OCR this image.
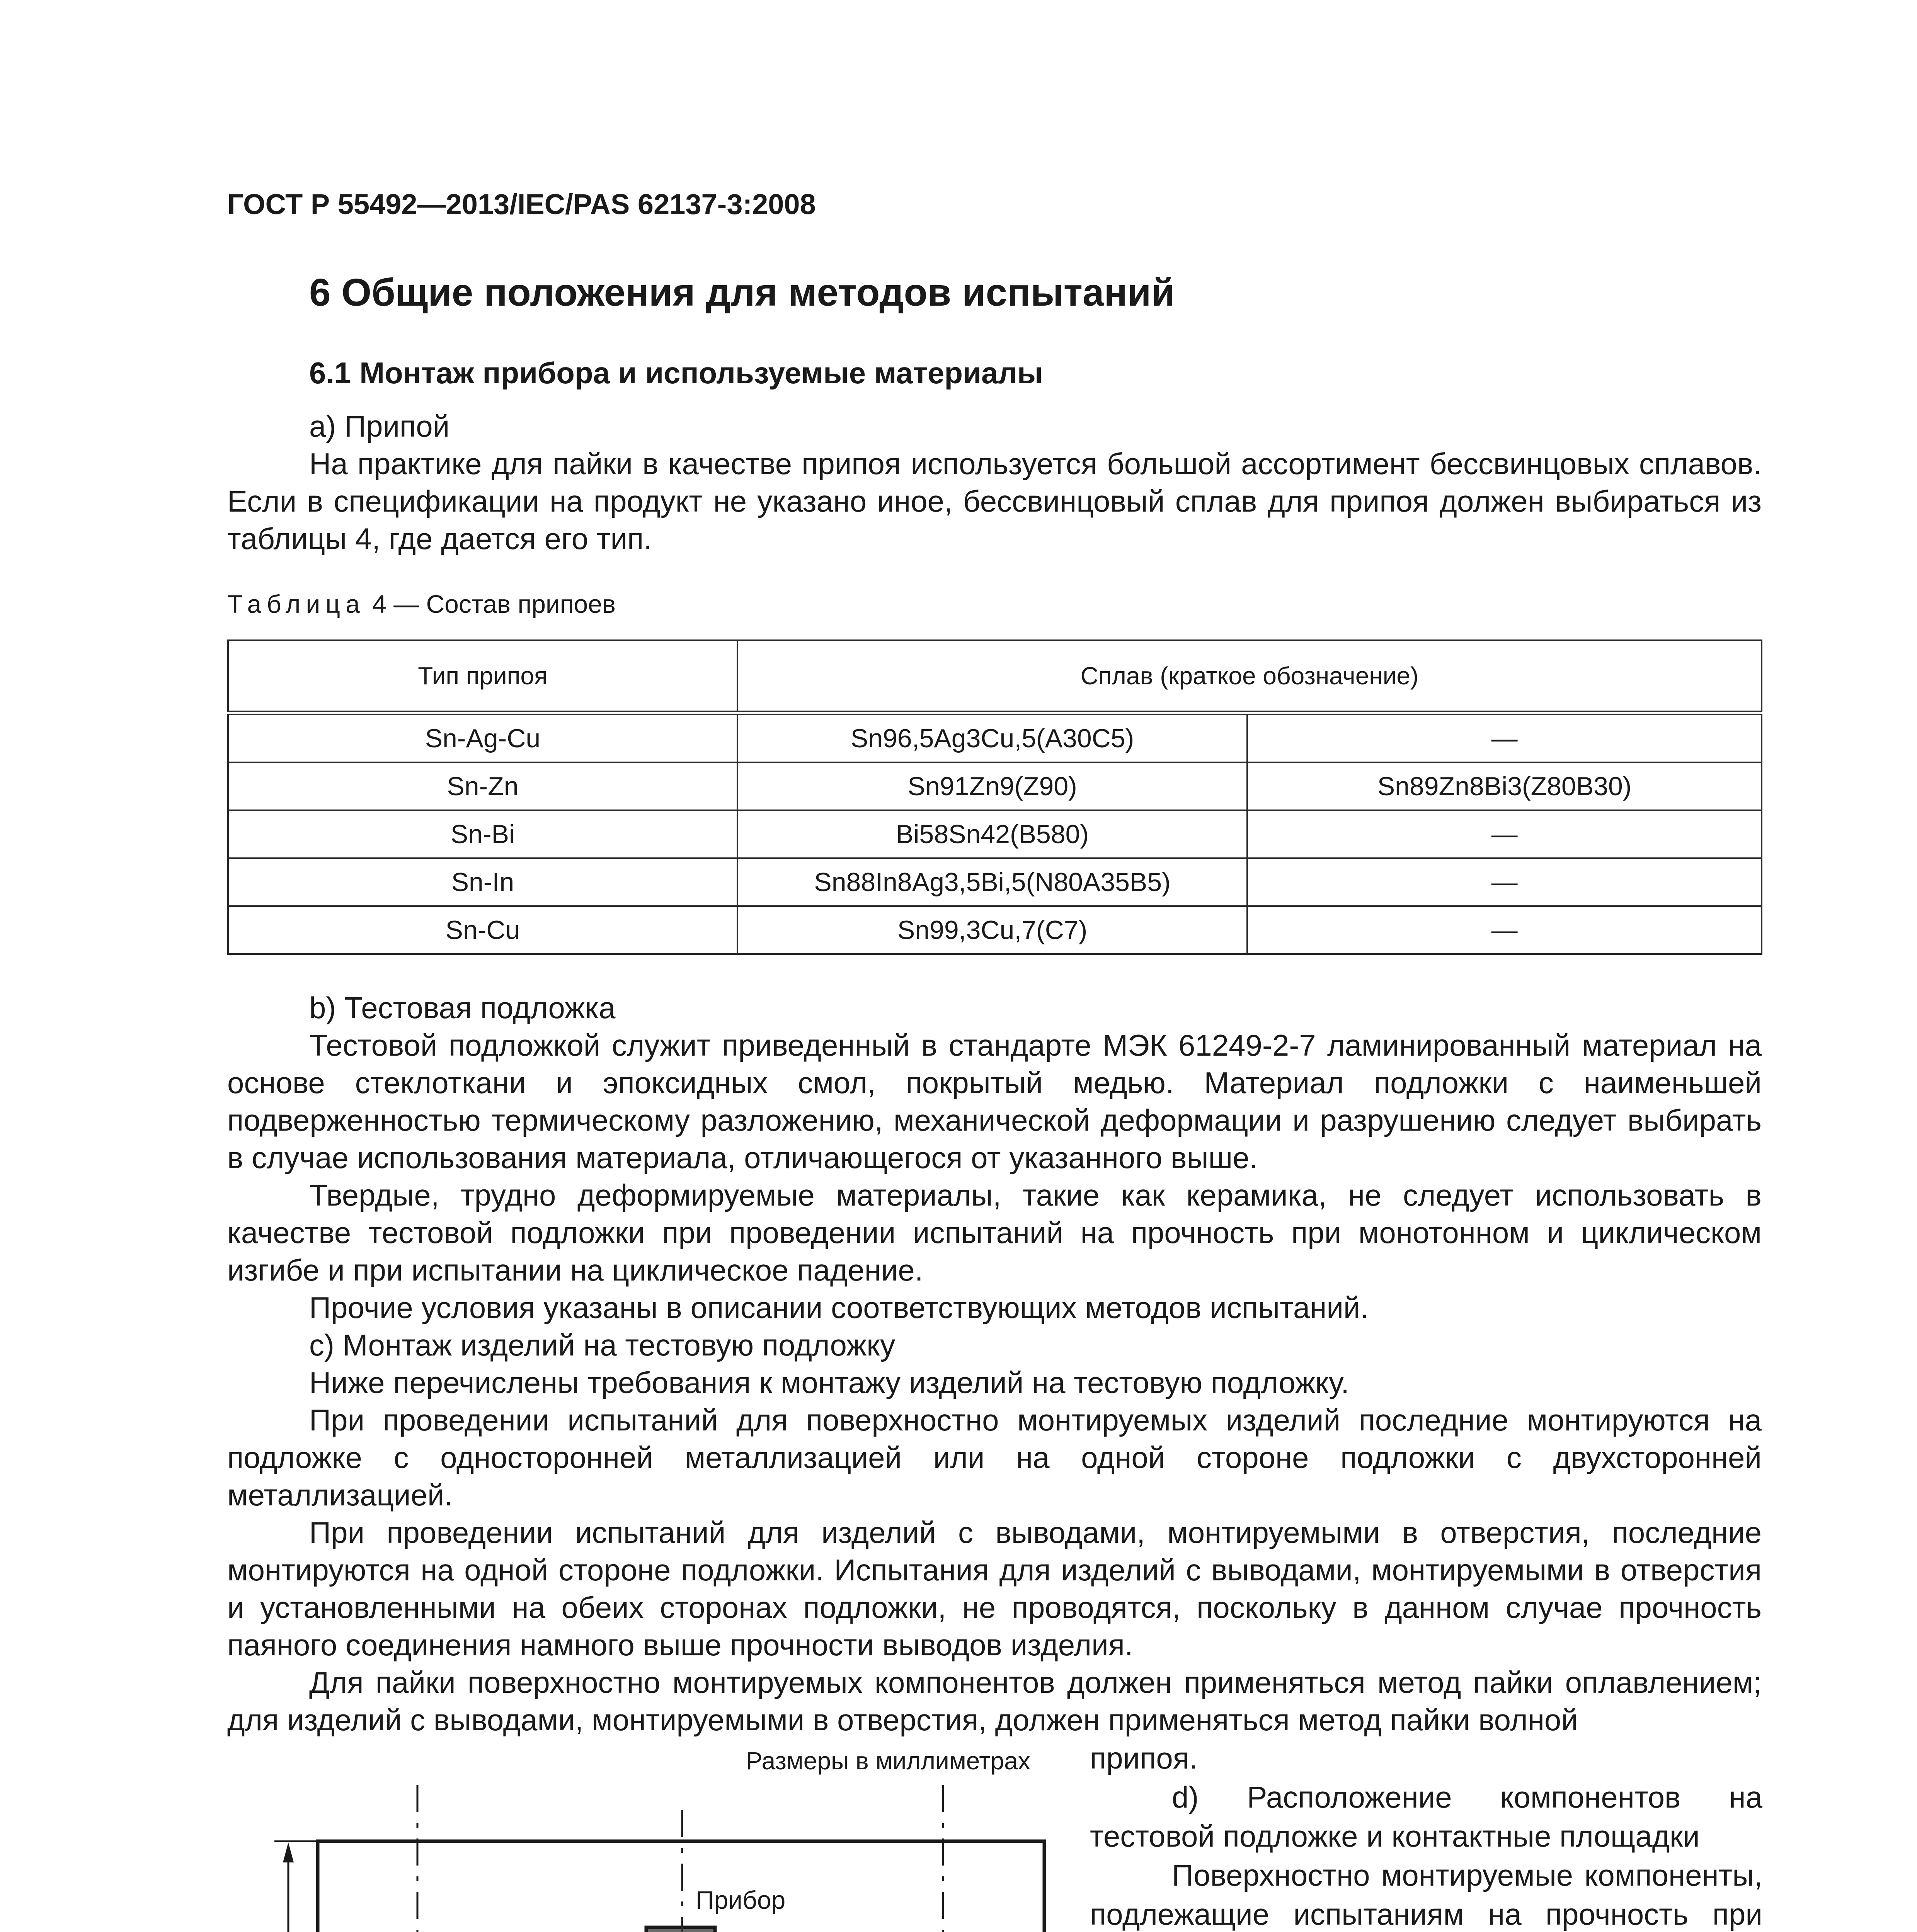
ГОСТ Р 55492—2013/IEC/PAS 62137-3:2008
6 Общие положения для методов испытаний
6.1 Монтаж прибора и используемые материалы

а) Припой

На практике для пайки в качестве припоя используется большой ассортимент бессвинцовых сплавов. Если в спецификации на продукт не указано иное, бессвинцовый сплав для припоя должен выбираться из таблицы 4, где дается его тип.

Таблица 4 — Состав припоев
Тип припоя	Сплав (краткое обозначение)	
Sn-Ag-Cu	Sn96,5Ag3Cu,5(A30C5)	—
Sn-Zn	Sn91Zn9(Z90)	Sn89Zn8Bi3(Z80B30)
Sn-Bi	Bi58Sn42(B580)	—
Sn-In	Sn88In8Ag3,5Bi,5(N80A35B5)	—
Sn-Cu	Sn99,3Cu,7(C7)	—

b) Тестовая подложка

Тестовой подложкой служит приведенный в стандарте МЭК 61249-2-7 ламинированный материал на основе стеклоткани и эпоксидных смол, покрытый медью. Материал подложки с наименьшей подверженностью термическому разложению, механической деформации и разрушению следует выбирать в случае использования материала, отличающегося от указанного выше.

Твердые, трудно деформируемые материалы, такие как керамика, не следует использовать в качестве тестовой подложки при проведении испытаний на прочность при монотонном и циклическом изгибе и при испытании на циклическое падение.

Прочие условия указаны в описании соответствующих методов испытаний.

c) Монтаж изделий на тестовую подложку

Ниже перечислены требования к монтажу изделий на тестовую подложку.

При проведении испытаний для поверхностно монтируемых изделий последние монтируются на подложке с односторонней металлизацией или на одной стороне подложки с двухсторонней металлизацией.

При проведении испытаний для изделий с выводами, монтируемыми в отверстия, последние монтируются на одной стороне подложки. Испытания для изделий с выводами, монтируемыми в отверстия и установленными на обеих сторонах подложки, не проводятся, поскольку в данном случае прочность паяного соединения намного выше прочности выводов изделия.

Для пайки поверхностно монтируемых компонентов должен применяться метод пайки оплавлением; для изделий с выводами, монтируемыми в отверстия, должен применяться метод пайки волной

припоя.

d) Расположение компонентов на тестовой подложке и контактные площадки

Поверхностно монтируемые компоненты, подлежащие испытаниям на прочность при

Размеры в миллиметрах
Прибор
